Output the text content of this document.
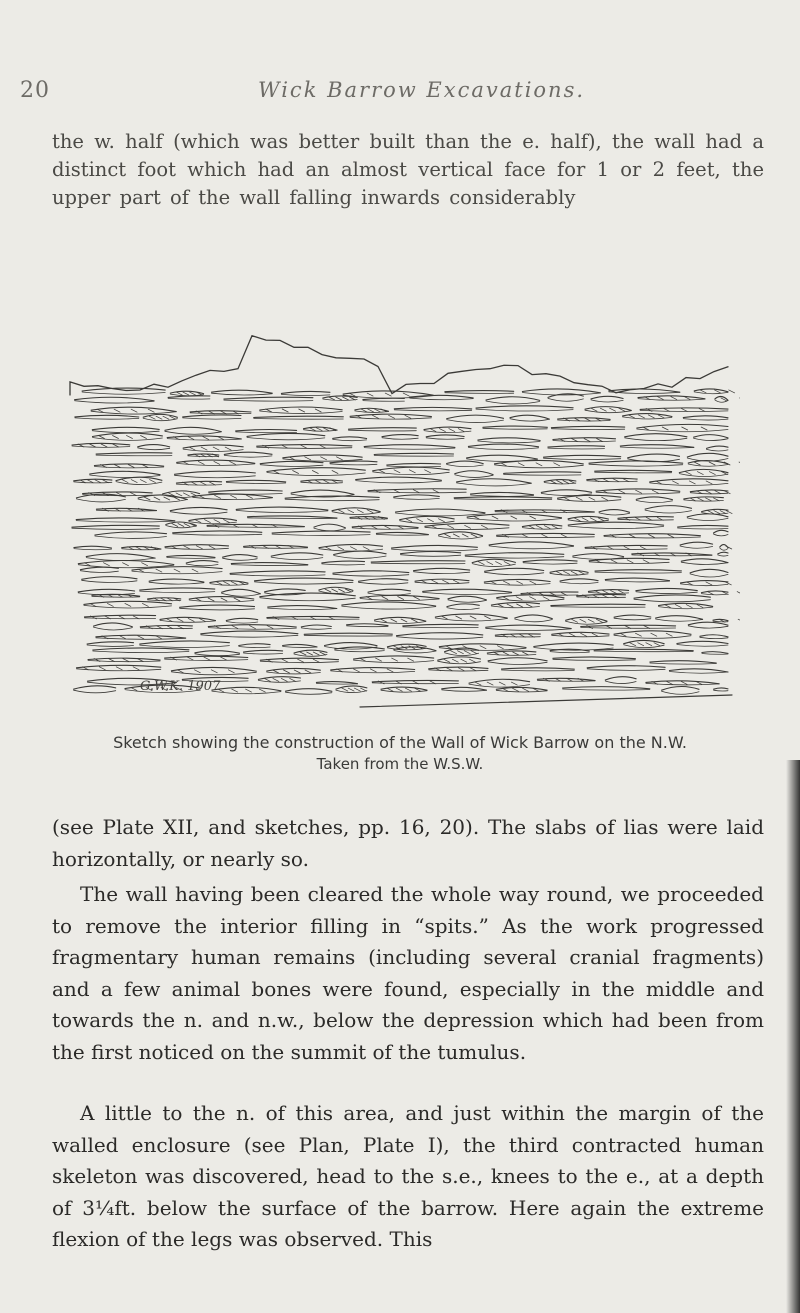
20	Wick Barrow Excavations.

the w. half (which was better built than the e. half), the wall had a distinct foot which had an almost vertical face for 1 or 2 feet, the upper part of the wall falling inwards considerably

G.W.K. 1907
Sketch showing the construction of the Wall of Wick Barrow on the N.W.
Taken from the W.S.W.

(see Plate XII, and sketches, pp. 16, 20). The slabs of lias were laid horizontally, or nearly so.

The wall having been cleared the whole way round, we proceeded to remove the interior filling in “spits.” As the work progressed fragmentary human remains (including several cranial fragments) and a few animal bones were found, especially in the middle and towards the n. and n.w., below the depression which had been from the first noticed on the summit of the tumulus.

A little to the n. of this area, and just within the margin of the walled enclosure (see Plan, Plate I), the third contracted human skeleton was discovered, head to the s.e., knees to the e., at a depth of 3¼ft. below the surface of the barrow. Here again the extreme flexion of the legs was observed. This
